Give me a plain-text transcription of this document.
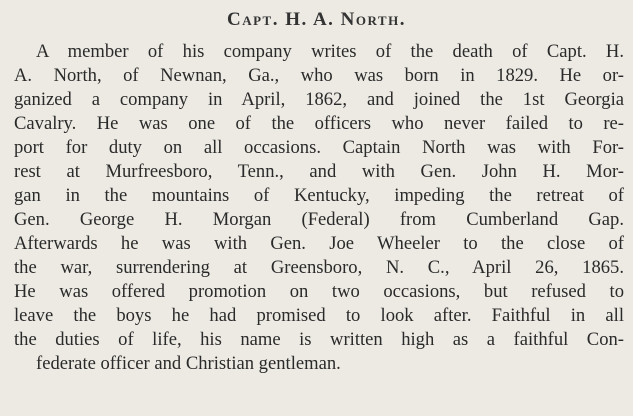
Capt. H. A. North.
A member of his company writes of the death of Capt. H.
A. North, of Newnan, Ga., who was born in 1829. He or-
ganized a company in April, 1862, and joined the 1st Georgia
Cavalry. He was one of the officers who never failed to re-
port for duty on all occasions. Captain North was with For-
rest at Murfreesboro, Tenn., and with Gen. John H. Mor-
gan in the mountains of Kentucky, impeding the retreat of
Gen. George H. Morgan (Federal) from Cumberland Gap.
Afterwards he was with Gen. Joe Wheeler to the close of
the war, surrendering at Greensboro, N. C., April 26, 1865.
He was offered promotion on two occasions, but refused to
leave the boys he had promised to look after. Faithful in all
the duties of life, his name is written high as a faithful Con-
federate officer and Christian gentleman.
